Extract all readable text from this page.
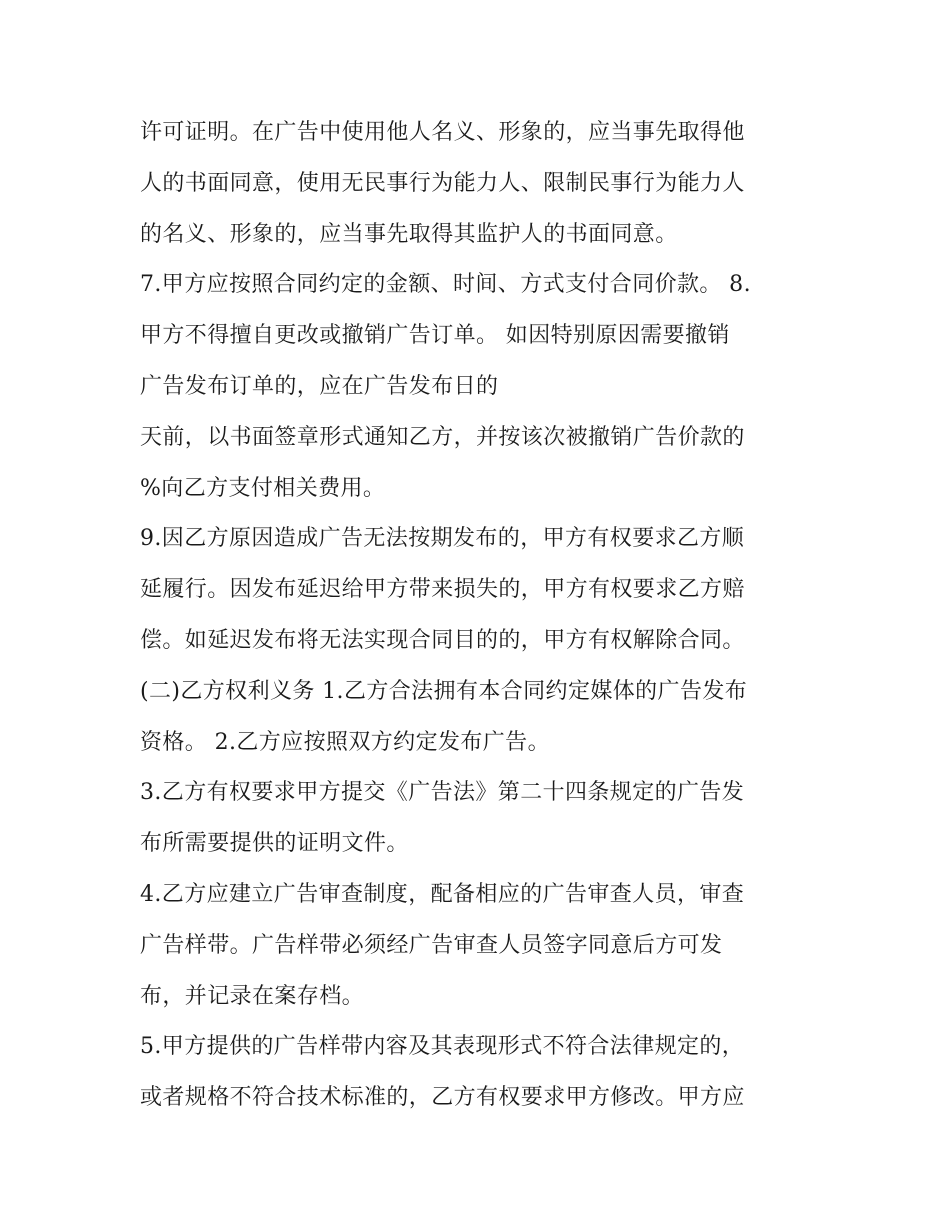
许可证明。在广告中使用他人名义、形象的，应当事先取得他
人的书面同意，使用无民事行为能力人、限制民事行为能力人
的名义、形象的，应当事先取得其监护人的书面同意。
7.甲方应按照合同约定的金额、时间、方式支付合同价款。 8.
甲方不得擅自更改或撤销广告订单。 如因特别原因需要撤销
广告发布订单的，应在广告发布日的
天前，以书面签章形式通知乙方，并按该次被撤销广告价款的
%向乙方支付相关费用。
9.因乙方原因造成广告无法按期发布的，甲方有权要求乙方顺
延履行。因发布延迟给甲方带来损失的，甲方有权要求乙方赔
偿。如延迟发布将无法实现合同目的的，甲方有权解除合同。
(二)乙方权利义务 1.乙方合法拥有本合同约定媒体的广告发布
资格。 2.乙方应按照双方约定发布广告。
3.乙方有权要求甲方提交《广告法》第二十四条规定的广告发
布所需要提供的证明文件。
4.乙方应建立广告审查制度，配备相应的广告审查人员，审查
广告样带。广告样带必须经广告审查人员签字同意后方可发
布，并记录在案存档。
5.甲方提供的广告样带内容及其表现形式不符合法律规定的，
或者规格不符合技术标准的，乙方有权要求甲方修改。甲方应
